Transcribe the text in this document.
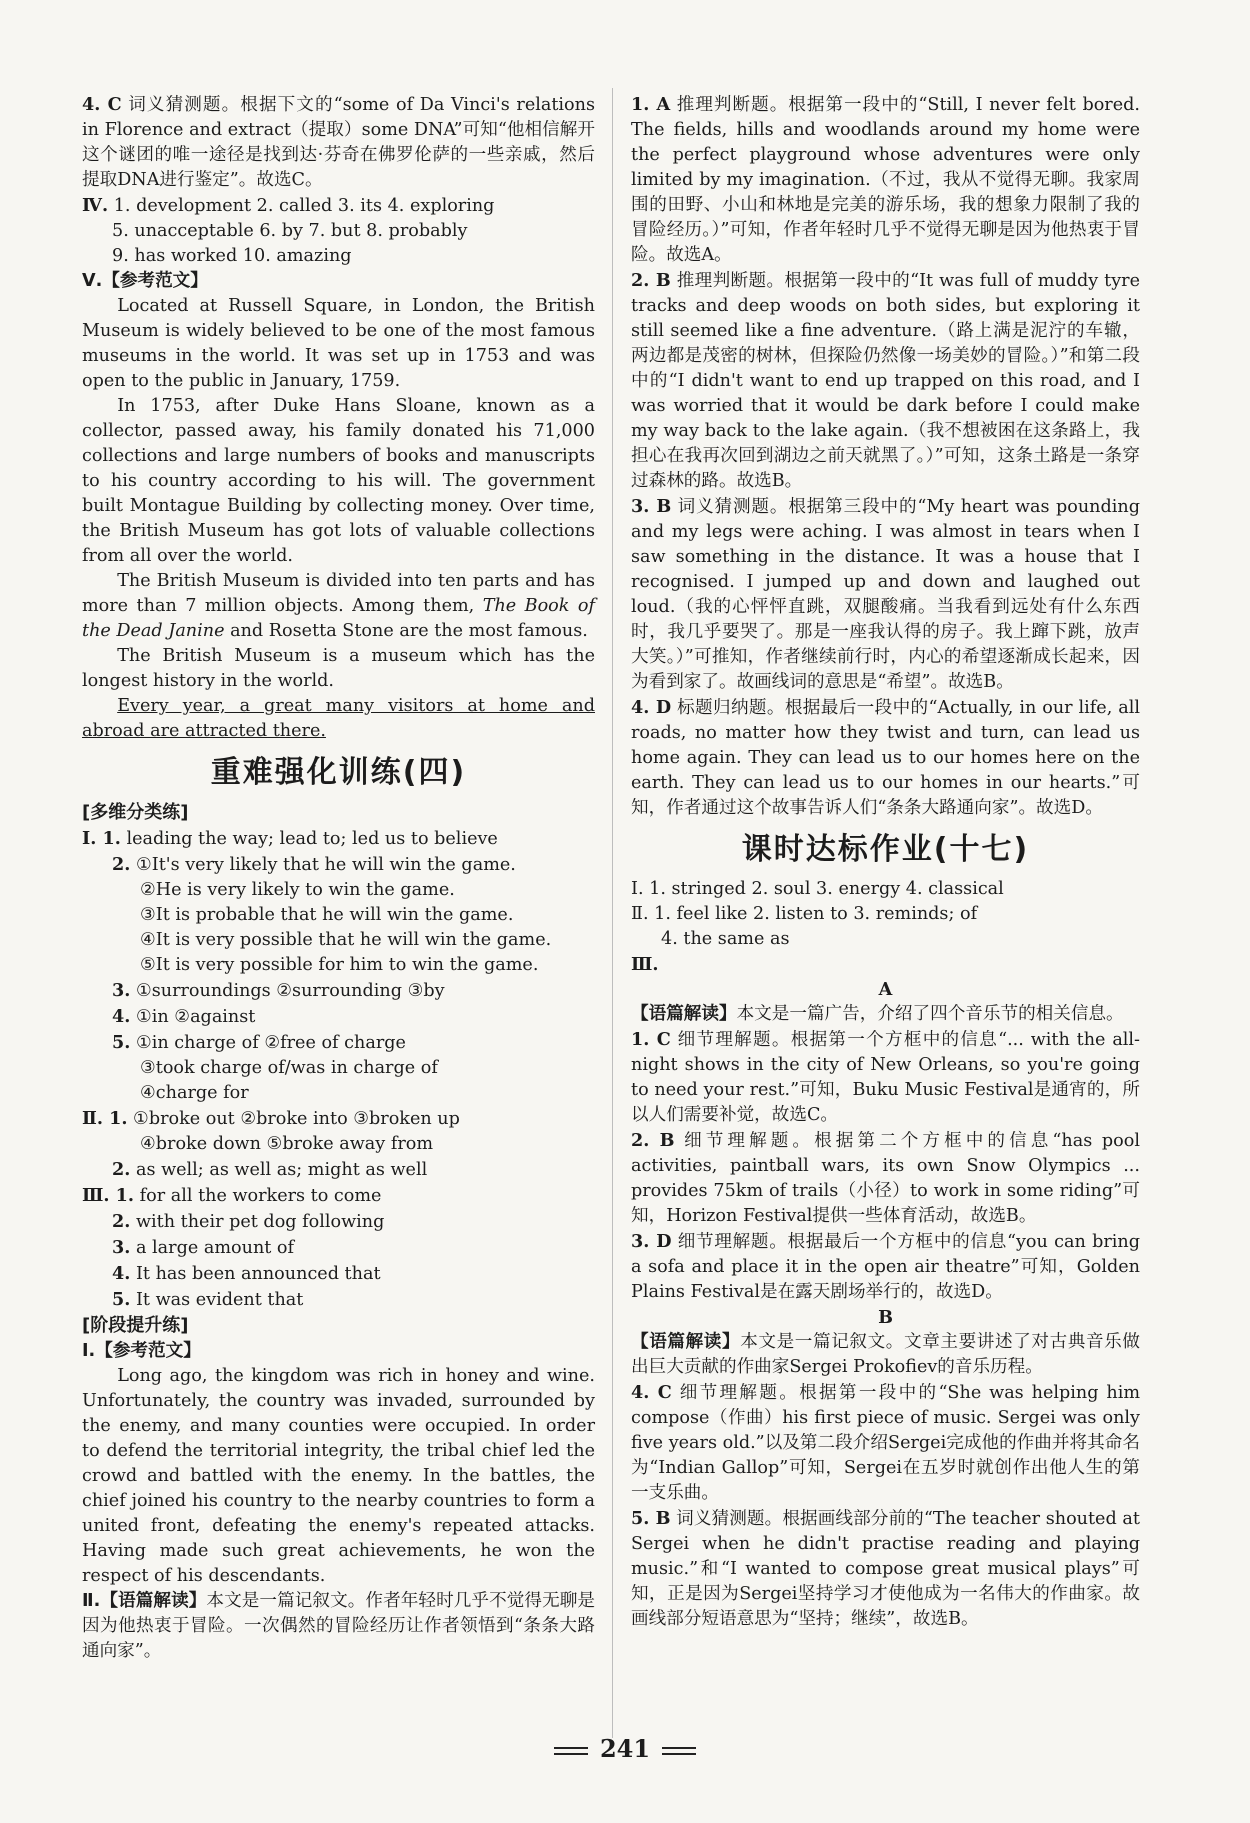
4. C 词义猜测题。根据下文的“some of Da Vinci's relations in Florence and extract（提取）some DNA”可知“他相信解开这个谜团的唯一途径是找到达·芬奇在佛罗伦萨的一些亲戚，然后提取DNA进行鉴定”。故选C。

Ⅳ. 1. development 2. called 3. its 4. exploring

5. unacceptable 6. by 7. but 8. probably

9. has worked 10. amazing

Ⅴ.【参考范文】

Located at Russell Square, in London, the British Museum is widely believed to be one of the most famous museums in the world. It was set up in 1753 and was open to the public in January, 1759.

In 1753, after Duke Hans Sloane, known as a collector, passed away, his family donated his 71,000 collections and large numbers of books and manuscripts to his country according to his will. The government built Montague Building by collecting money. Over time, the British Museum has got lots of valuable collections from all over the world.

The British Museum is divided into ten parts and has more than 7 million objects. Among them, The Book of the Dead Janine and Rosetta Stone are the most famous.

The British Museum is a museum which has the longest history in the world.

Every year, a great many visitors at home and abroad are attracted there.

重难强化训练(四)

[多维分类练]

Ⅰ. 1. leading the way; lead to; led us to believe

2. ①It's very likely that he will win the game.

②He is very likely to win the game.

③It is probable that he will win the game.

④It is very possible that he will win the game.

⑤It is very possible for him to win the game.

3. ①surroundings ②surrounding ③by

4. ①in ②against

5. ①in charge of ②free of charge

③took charge of/was in charge of

④charge for

Ⅱ. 1. ①broke out ②broke into ③broken up

④broke down ⑤broke away from

2. as well; as well as; might as well

Ⅲ. 1. for all the workers to come

2. with their pet dog following

3. a large amount of

4. It has been announced that

5. It was evident that

[阶段提升练]

Ⅰ.【参考范文】

Long ago, the kingdom was rich in honey and wine. Unfortunately, the country was invaded, surrounded by the enemy, and many counties were occupied. In order to defend the territorial integrity, the tribal chief led the crowd and battled with the enemy. In the battles, the chief joined his country to the nearby countries to form a united front, defeating the enemy's repeated attacks. Having made such great achievements, he won the respect of his descendants.

Ⅱ.【语篇解读】本文是一篇记叙文。作者年轻时几乎不觉得无聊是因为他热衷于冒险。一次偶然的冒险经历让作者领悟到“条条大路通向家”。

1. A 推理判断题。根据第一段中的“Still, I never felt bored. The fields, hills and woodlands around my home were the perfect playground whose adventures were only limited by my imagination.（不过，我从不觉得无聊。我家周围的田野、小山和林地是完美的游乐场，我的想象力限制了我的冒险经历。）”可知，作者年轻时几乎不觉得无聊是因为他热衷于冒险。故选A。

2. B 推理判断题。根据第一段中的“It was full of muddy tyre tracks and deep woods on both sides, but exploring it still seemed like a fine adventure.（路上满是泥泞的车辙，两边都是茂密的树林，但探险仍然像一场美妙的冒险。）”和第二段中的“I didn't want to end up trapped on this road, and I was worried that it would be dark before I could make my way back to the lake again.（我不想被困在这条路上，我担心在我再次回到湖边之前天就黑了。）”可知，这条土路是一条穿过森林的路。故选B。

3. B 词义猜测题。根据第三段中的“My heart was pounding and my legs were aching. I was almost in tears when I saw something in the distance. It was a house that I recognised. I jumped up and down and laughed out loud.（我的心怦怦直跳，双腿酸痛。当我看到远处有什么东西时，我几乎要哭了。那是一座我认得的房子。我上蹿下跳，放声大笑。）”可推知，作者继续前行时，内心的希望逐渐成长起来，因为看到家了。故画线词的意思是“希望”。故选B。

4. D 标题归纳题。根据最后一段中的“Actually, in our life, all roads, no matter how they twist and turn, can lead us home again. They can lead us to our homes here on the earth. They can lead us to our homes in our hearts.”可知，作者通过这个故事告诉人们“条条大路通向家”。故选D。

课时达标作业(十七)

Ⅰ. 1. stringed 2. soul 3. energy 4. classical

Ⅱ. 1. feel like 2. listen to 3. reminds; of

4. the same as

Ⅲ.

A

【语篇解读】本文是一篇广告，介绍了四个音乐节的相关信息。

1. C 细节理解题。根据第一个方框中的信息“... with the all-night shows in the city of New Orleans, so you're going to need your rest.”可知，Buku Music Festival是通宵的，所以人们需要补觉，故选C。

2. B 细节理解题。根据第二个方框中的信息“has pool activities, paintball wars, its own Snow Olympics ... provides 75km of trails（小径）to work in some riding”可知，Horizon Festival提供一些体育活动，故选B。

3. D 细节理解题。根据最后一个方框中的信息“you can bring a sofa and place it in the open air theatre”可知，Golden Plains Festival是在露天剧场举行的，故选D。

B

【语篇解读】本文是一篇记叙文。文章主要讲述了对古典音乐做出巨大贡献的作曲家Sergei Prokofiev的音乐历程。

4. C 细节理解题。根据第一段中的“She was helping him compose（作曲）his first piece of music. Sergei was only five years old.”以及第二段介绍Sergei完成他的作曲并将其命名为“Indian Gallop”可知，Sergei在五岁时就创作出他人生的第一支乐曲。

5. B 词义猜测题。根据画线部分前的“The teacher shouted at Sergei when he didn't practise reading and playing music.”和“I wanted to compose great musical plays”可知，正是因为Sergei坚持学习才使他成为一名伟大的作曲家。故画线部分短语意思为“坚持；继续”，故选B。

241
